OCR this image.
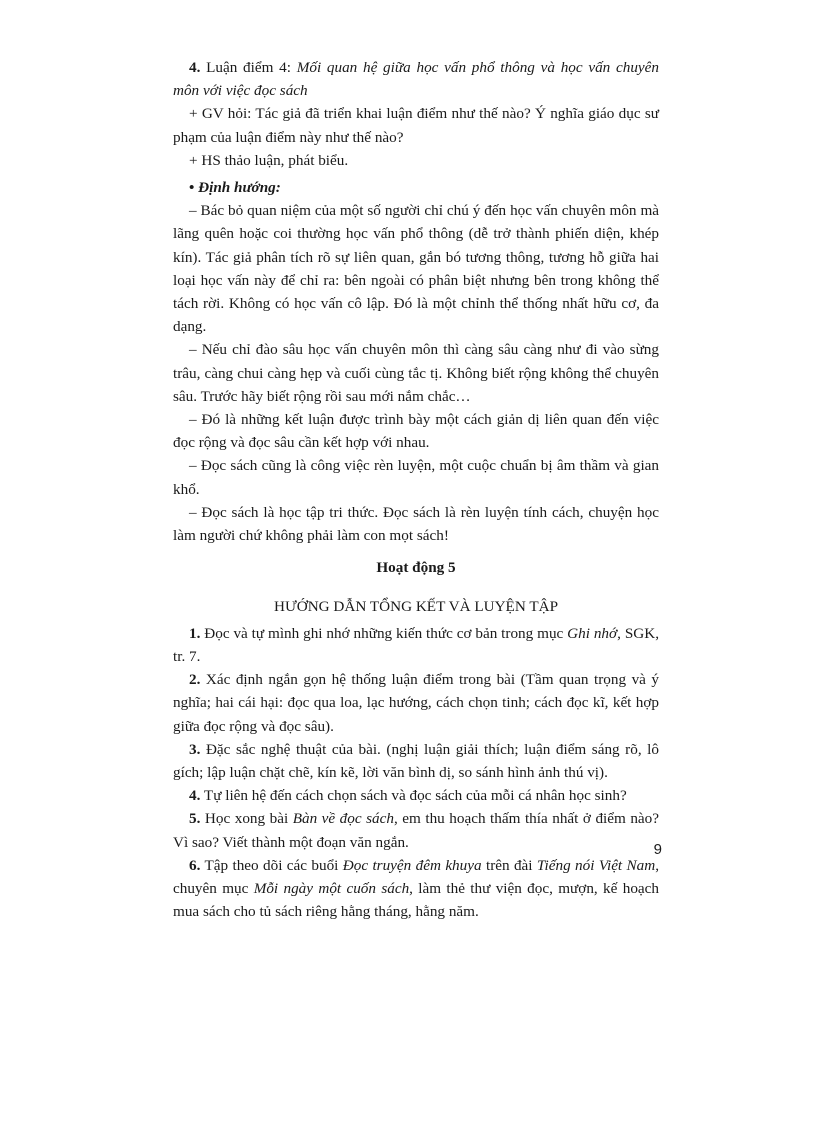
4. Luận điểm 4: Mối quan hệ giữa học vấn phổ thông và học vấn chuyên môn với việc đọc sách

+ GV hỏi: Tác giả đã triển khai luận điểm như thế nào? Ý nghĩa giáo dục sư phạm của luận điểm này như thế nào?

+ HS thảo luận, phát biểu.

• Định hướng:

– Bác bỏ quan niệm của một số người chỉ chú ý đến học vấn chuyên môn mà lãng quên hoặc coi thường học vấn phổ thông (dễ trở thành phiến diện, khép kín). Tác giả phân tích rõ sự liên quan, gắn bó tương thông, tương hỗ giữa hai loại học vấn này để chỉ ra: bên ngoài có phân biệt nhưng bên trong không thể tách rời. Không có học vấn cô lập. Đó là một chỉnh thể thống nhất hữu cơ, đa dạng.

– Nếu chỉ đào sâu học vấn chuyên môn thì càng sâu càng như đi vào sừng trâu, càng chui càng hẹp và cuối cùng tắc tị. Không biết rộng không thể chuyên sâu. Trước hãy biết rộng rồi sau mới nắm chắc…

– Đó là những kết luận được trình bày một cách giản dị liên quan đến việc đọc rộng và đọc sâu cần kết hợp với nhau.

– Đọc sách cũng là công việc rèn luyện, một cuộc chuẩn bị âm thầm và gian khổ.

– Đọc sách là học tập tri thức. Đọc sách là rèn luyện tính cách, chuyện học làm người chứ không phải làm con mọt sách!

Hoạt động 5

HƯỚNG DẪN TỔNG KẾT VÀ LUYỆN TẬP

1. Đọc và tự mình ghi nhớ những kiến thức cơ bản trong mục Ghi nhớ, SGK, tr. 7.

2. Xác định ngắn gọn hệ thống luận điểm trong bài (Tầm quan trọng và ý nghĩa; hai cái hại: đọc qua loa, lạc hướng, cách chọn tinh; cách đọc kĩ, kết hợp giữa đọc rộng và đọc sâu).

3. Đặc sắc nghệ thuật của bài. (nghị luận giải thích; luận điểm sáng rõ, lô gích; lập luận chặt chẽ, kín kẽ, lời văn bình dị, so sánh hình ảnh thú vị).

4. Tự liên hệ đến cách chọn sách và đọc sách của mỗi cá nhân học sinh?

5. Học xong bài Bàn về đọc sách, em thu hoạch thấm thía nhất ở điểm nào? Vì sao? Viết thành một đoạn văn ngắn.

6. Tập theo dõi các buổi Đọc truyện đêm khuya trên đài Tiếng nói Việt Nam, chuyên mục Mỗi ngày một cuốn sách, làm thẻ thư viện đọc, mượn, kế hoạch mua sách cho tủ sách riêng hằng tháng, hằng năm.

9
